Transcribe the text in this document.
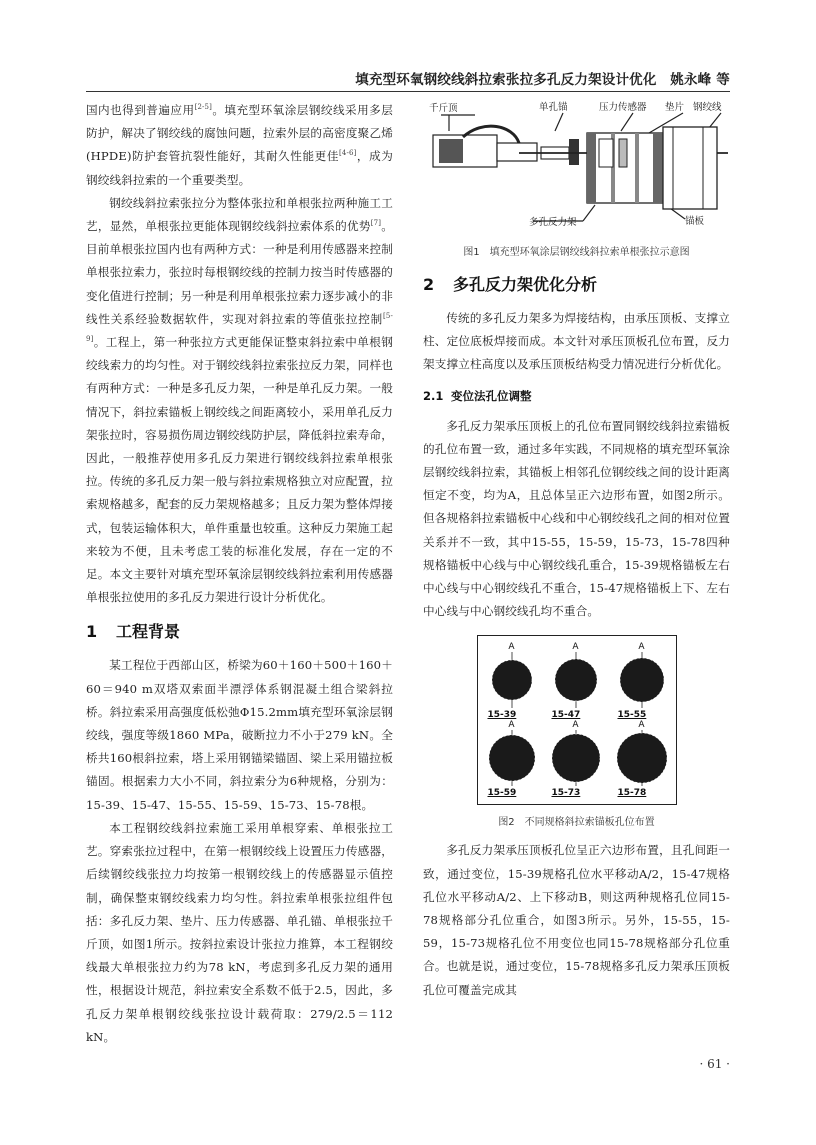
填充型环氧钢绞线斜拉索张拉多孔反力架设计优化　姚永峰 等

国内也得到普遍应用[2-5]。填充型环氧涂层钢绞线采用多层防护，解决了钢绞线的腐蚀问题，拉索外层的高密度聚乙烯(HPDE)防护套管抗裂性能好，其耐久性能更佳[4-6]，成为钢绞线斜拉索的一个重要类型。

钢绞线斜拉索张拉分为整体张拉和单根张拉两种施工工艺，显然，单根张拉更能体现钢绞线斜拉索体系的优势[7]。目前单根张拉国内也有两种方式：一种是利用传感器来控制单根张拉索力，张拉时每根钢绞线的控制力按当时传感器的变化值进行控制；另一种是利用单根张拉索力逐步减小的非线性关系经验数据软件，实现对斜拉索的等值张拉控制[5-9]。工程上，第一种张拉方式更能保证整束斜拉索中单根钢绞线索力的均匀性。对于钢绞线斜拉索张拉反力架，同样也有两种方式：一种是多孔反力架，一种是单孔反力架。一般情况下，斜拉索锚板上钢绞线之间距离较小，采用单孔反力架张拉时，容易损伤周边钢绞线防护层，降低斜拉索寿命，因此，一般推荐使用多孔反力架进行钢绞线斜拉索单根张拉。传统的多孔反力架一般与斜拉索规格独立对应配置，拉索规格越多，配套的反力架规格越多；且反力架为整体焊接式，包装运输体积大，单件重量也较重。这种反力架施工起来较为不便，且未考虑工装的标准化发展，存在一定的不足。本文主要针对填充型环氧涂层钢绞线斜拉索利用传感器单根张拉使用的多孔反力架进行设计分析优化。

1 工程背景

某工程位于西部山区，桥梁为60＋160＋500＋160＋60＝940 m双塔双索面半漂浮体系钢混凝土组合梁斜拉桥。斜拉索采用高强度低松弛Φ15.2mm填充型环氧涂层钢绞线，强度等级1860 MPa，破断拉力不小于279 kN。全桥共160根斜拉索，塔上采用钢锚梁锚固、梁上采用锚拉板锚固。根据索力大小不同，斜拉索分为6种规格，分别为：15-39、15-47、15-55、15-59、15-73、15-78根。

本工程钢绞线斜拉索施工采用单根穿索、单根张拉工艺。穿索张拉过程中，在第一根钢绞线上设置压力传感器，后续钢绞线张拉力均按第一根钢绞线上的传感器显示值控制，确保整束钢绞线索力均匀性。斜拉索单根张拉组件包括：多孔反力架、垫片、压力传感器、单孔锚、单根张拉千斤顶，如图1所示。按斜拉索设计张拉力推算，本工程钢绞线最大单根张拉力约为78 kN，考虑到多孔反力架的通用性，根据设计规范，斜拉索安全系数不低于2.5，因此，多孔反力架单根钢绞线张拉设计载荷取：279/2.5＝112 kN。

千斤顶	单孔锚	压力传感器 垫片 钢绞线
多孔反力架	锚板
图1　填充型环氧涂层钢绞线斜拉索单根张拉示意图
2 多孔反力架优化分析

传统的多孔反力架多为焊接结构，由承压顶板、支撑立柱、定位底板焊接而成。本文针对承压顶板孔位布置，反力架支撑立柱高度以及承压顶板结构受力情况进行分析优化。

2.1 变位法孔位调整

多孔反力架承压顶板上的孔位布置同钢绞线斜拉索锚板的孔位布置一致，通过多年实践，不同规格的填充型环氧涂层钢绞线斜拉索，其锚板上相邻孔位钢绞线之间的设计距离恒定不变，均为A，且总体呈正六边形布置，如图2所示。但各规格斜拉索锚板中心线和中心钢绞线孔之间的相对位置关系并不一致，其中15-55，15-59，15-73，15-78四种规格锚板中心线与中心钢绞线孔重合，15-39规格锚板左右中心线与中心钢绞线孔不重合，15-47规格锚板上下、左右中心线与中心钢绞线孔均不重合。

A
15-39
A
15-47
A
15-55
A
15-59
A
15-73
A
15-78
图2　不同规格斜拉索锚板孔位布置

多孔反力架承压顶板孔位呈正六边形布置，且孔间距一致，通过变位，15-39规格孔位水平移动A/2，15-47规格孔位水平移动A/2、上下移动B，则这两种规格孔位同15-78规格部分孔位重合，如图3所示。另外，15-55，15-59，15-73规格孔位不用变位也同15-78规格部分孔位重合。也就是说，通过变位，15-78规格多孔反力架承压顶板孔位可覆盖完成其

· 61 ·
